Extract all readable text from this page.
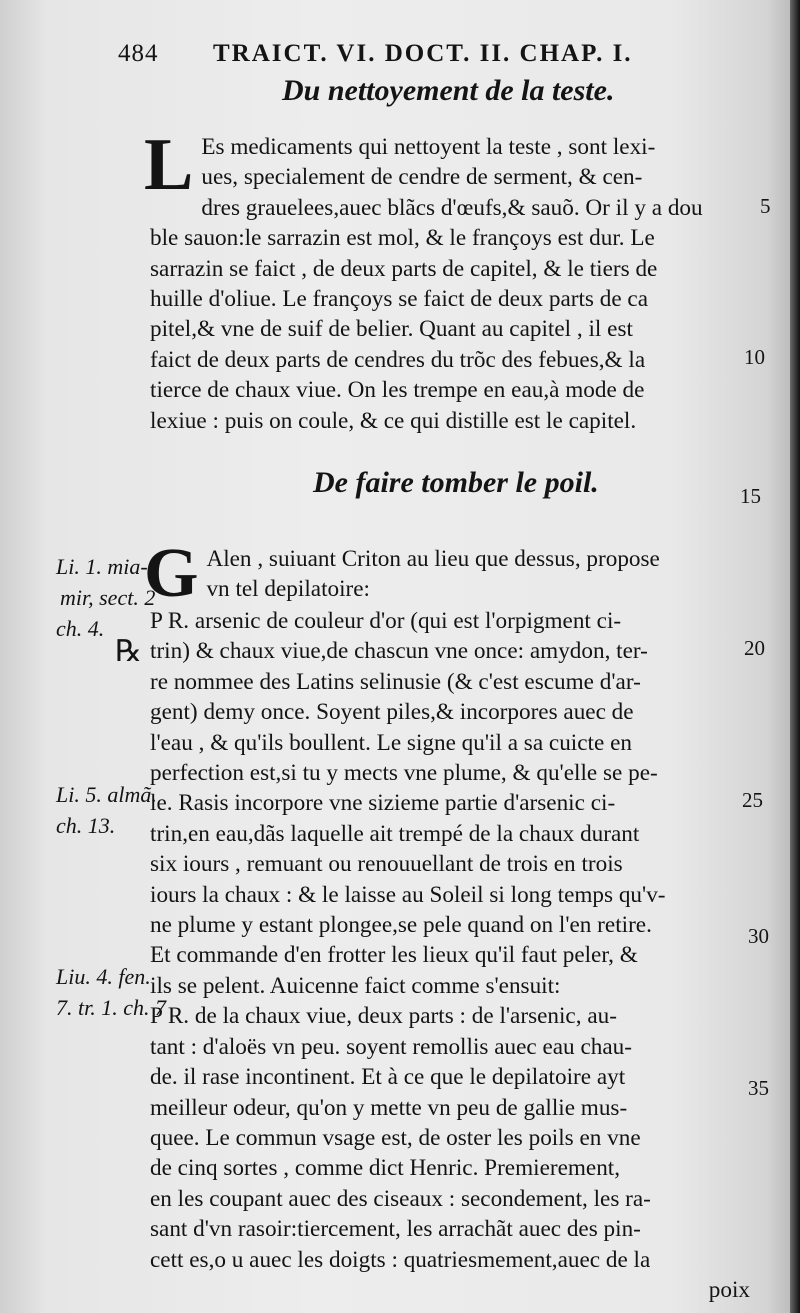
484 TRAICT. VI. DOCT. II. CHAP. I.
Du nettoyement de la teste.
L Es medicaments qui nettoyent la teste , sont lexi-
ues, specialement de cendre de serment, & cen-
dres grauelees,auec blãcs d'œufs,& sauõ. Or il y a dou
ble sauon:le sarrazin est mol, & le françoys est dur. Le
sarrazin se faict , de deux parts de capitel, & le tiers de
huille d'oliue. Le françoys se faict de deux parts de ca
pitel,& vne de suif de belier. Quant au capitel , il est
faict de deux parts de cendres du trõc des febues,& la
tierce de chaux viue. On les trempe en eau,à mode de
lexiue : puis on coule, & ce qui distille est le capitel.
De faire tomber le poil.
G Alen , suiuant Criton au lieu que dessus, propose
vn tel depilatoire:
℞
P R. arsenic de couleur d'or (qui est l'orpigment ci-
trin) & chaux viue,de chascun vne once: amydon, ter-
re nommee des Latins selinusie (& c'est escume d'ar-
gent) demy once. Soyent piles,& incorpores auec de
l'eau , & qu'ils boullent. Le signe qu'il a sa cuicte en
perfection est,si tu y mects vne plume, & qu'elle se pe-
le. Rasis incorpore vne sizieme partie d'arsenic ci-
trin,en eau,dãs laquelle ait trempé de la chaux durant
six iours , remuant ou renouuellant de trois en trois
iours la chaux : & le laisse au Soleil si long temps qu'v-
ne plume y estant plongee,se pele quand on l'en retire.
Et commande d'en frotter les lieux qu'il faut peler, &
ils se pelent. Auicenne faict comme s'ensuit:
P R. de la chaux viue, deux parts : de l'arsenic, au-
tant : d'aloës vn peu. soyent remollis auec eau chau-
de. il rase incontinent. Et à ce que le depilatoire ayt
meilleur odeur, qu'on y mette vn peu de gallie mus-
quee. Le commun vsage est, de oster les poils en vne
de cinq sortes , comme dict Henric. Premierement,
en les coupant auec des ciseaux : secondement, les ra-
sant d'vn rasoir:tiercement, les arrachãt auec des pin-
cett es,o u auec les doigts : quatriesmement,auec de la
poix
Li. 1. mia-
mir, sect. 2
ch. 4.
Li. 5. almã.
ch. 13.
Liu. 4. fen.
7. tr. 1. ch. 7
5
10
15
20
25
30
35
